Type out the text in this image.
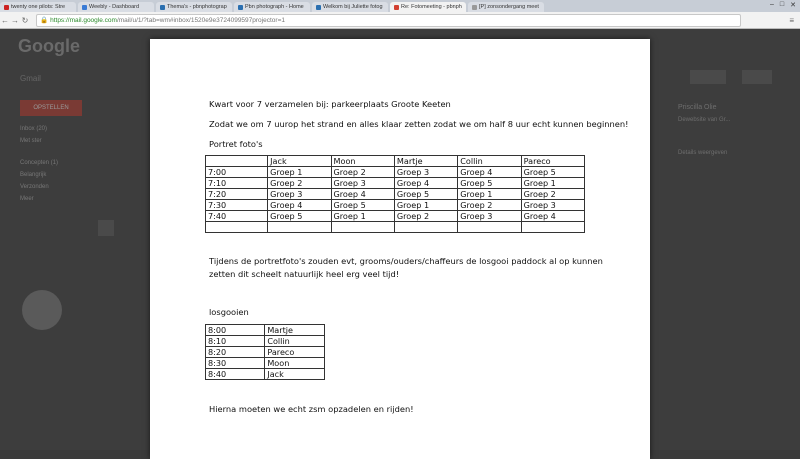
twenty one pilots: Stre	Weebly - Dashboard	Thema's - pbnphotograp	Pbn photograph - Home	Welkom bij Juliette fotog	Re: Fotomeeting - pbnph	[P] zonsondergang meet	– □ ✕
← → ↻ 🔒 https://mail.google.com /mail/u/1/?tab=wm#inbox/1520e9e3724099597projector=1	≡
Google
Gmail
OPSTELLEN
Inbox (20)
Met ster
Concepten (1)
Belangrijk
Verzonden
Meer
Priscilla Olie
Dewebsite van Gr...
Details weergeven

Kwart voor 7 verzamelen bij: parkeerplaats Groote Keeten

Zodat we om 7 uurop het strand en alles klaar zetten zodat we om half 8 uur echt kunnen beginnen!

Portret foto's

	Jack	Moon	Martje	Collin	Pareco
7:00	Groep 1	Groep 2	Groep 3	Groep 4	Groep 5
7:10	Groep 2	Groep 3	Groep 4	Groep 5	Groep 1
7:20	Groep 3	Groep 4	Groep 5	Groep 1	Groep 2
7:30	Groep 4	Groep 5	Groep 1	Groep 2	Groep 3
7:40	Groep 5	Groep 1	Groep 2	Groep 3	Groep 4

Tijdens de portretfoto's zouden evt, grooms/ouders/chaffeurs de losgooi paddock al op kunnen

zetten dit scheelt natuurlijk heel erg veel tijd!

losgooien

8:00	Martje
8:10	Collin
8:20	Pareco
8:30	Moon
8:40	Jack

Hierna moeten we echt zsm opzadelen en rijden!
